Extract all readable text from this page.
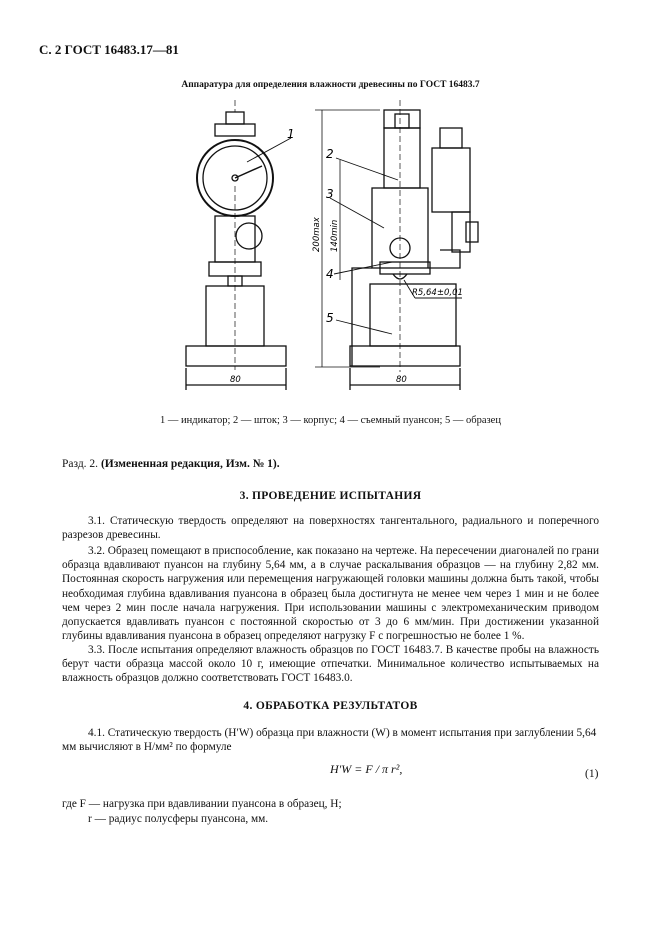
С. 2 ГОСТ 16483.17—81
Аппаратура для определения влажности древесины по ГОСТ 16483.7
1
2
3
4
5
80	80
200max 140min
R5,64±0,01
1 — индикатор; 2 — шток; 3 — корпус; 4 — съемный пуансон; 5 — образец
Разд. 2. (Измененная редакция, Изм. № 1).
3. ПРОВЕДЕНИЕ ИСПЫТАНИЯ
3.1. Статическую твердость определяют на поверхностях тангентального, радиального и поперечного разрезов древесины.
3.2. Образец помещают в приспособление, как показано на чертеже. На пересечении диагоналей по грани образца вдавливают пуансон на глубину 5,64 мм, а в случае раскалывания образцов — на глубину 2,82 мм. Постоянная скорость нагружения или перемещения нагружающей головки машины должна быть такой, чтобы необходимая глубина вдавливания пуансона в образец была достигнута не менее чем через 1 мин и не более чем через 2 мин после начала нагружения. При использовании машины с электромеханическим приводом допускается вдавливать пуансон с постоянной скоростью от 3 до 6 мм/мин. При достижении указанной глубины вдавливания пуансона в образец определяют нагрузку F с погрешностью не более 1 %.
3.3. После испытания определяют влажность образцов по ГОСТ 16483.7. В качестве пробы на влажность берут части образца массой около 10 г, имеющие отпечатки. Минимальное количество испытываемых на влажность образцов должно соответствовать ГОСТ 16483.0.
4. ОБРАБОТКА РЕЗУЛЬТАТОВ
4.1. Статическую твердость (H′W) образца при влажности (W) в момент испытания при заглублении 5,64 мм вычисляют в Н/мм² по формуле
H′W = F / π r²,	(1)
где F — нагрузка при вдавливании пуансона в образец, Н;
r — радиус полусферы пуансона, мм.
